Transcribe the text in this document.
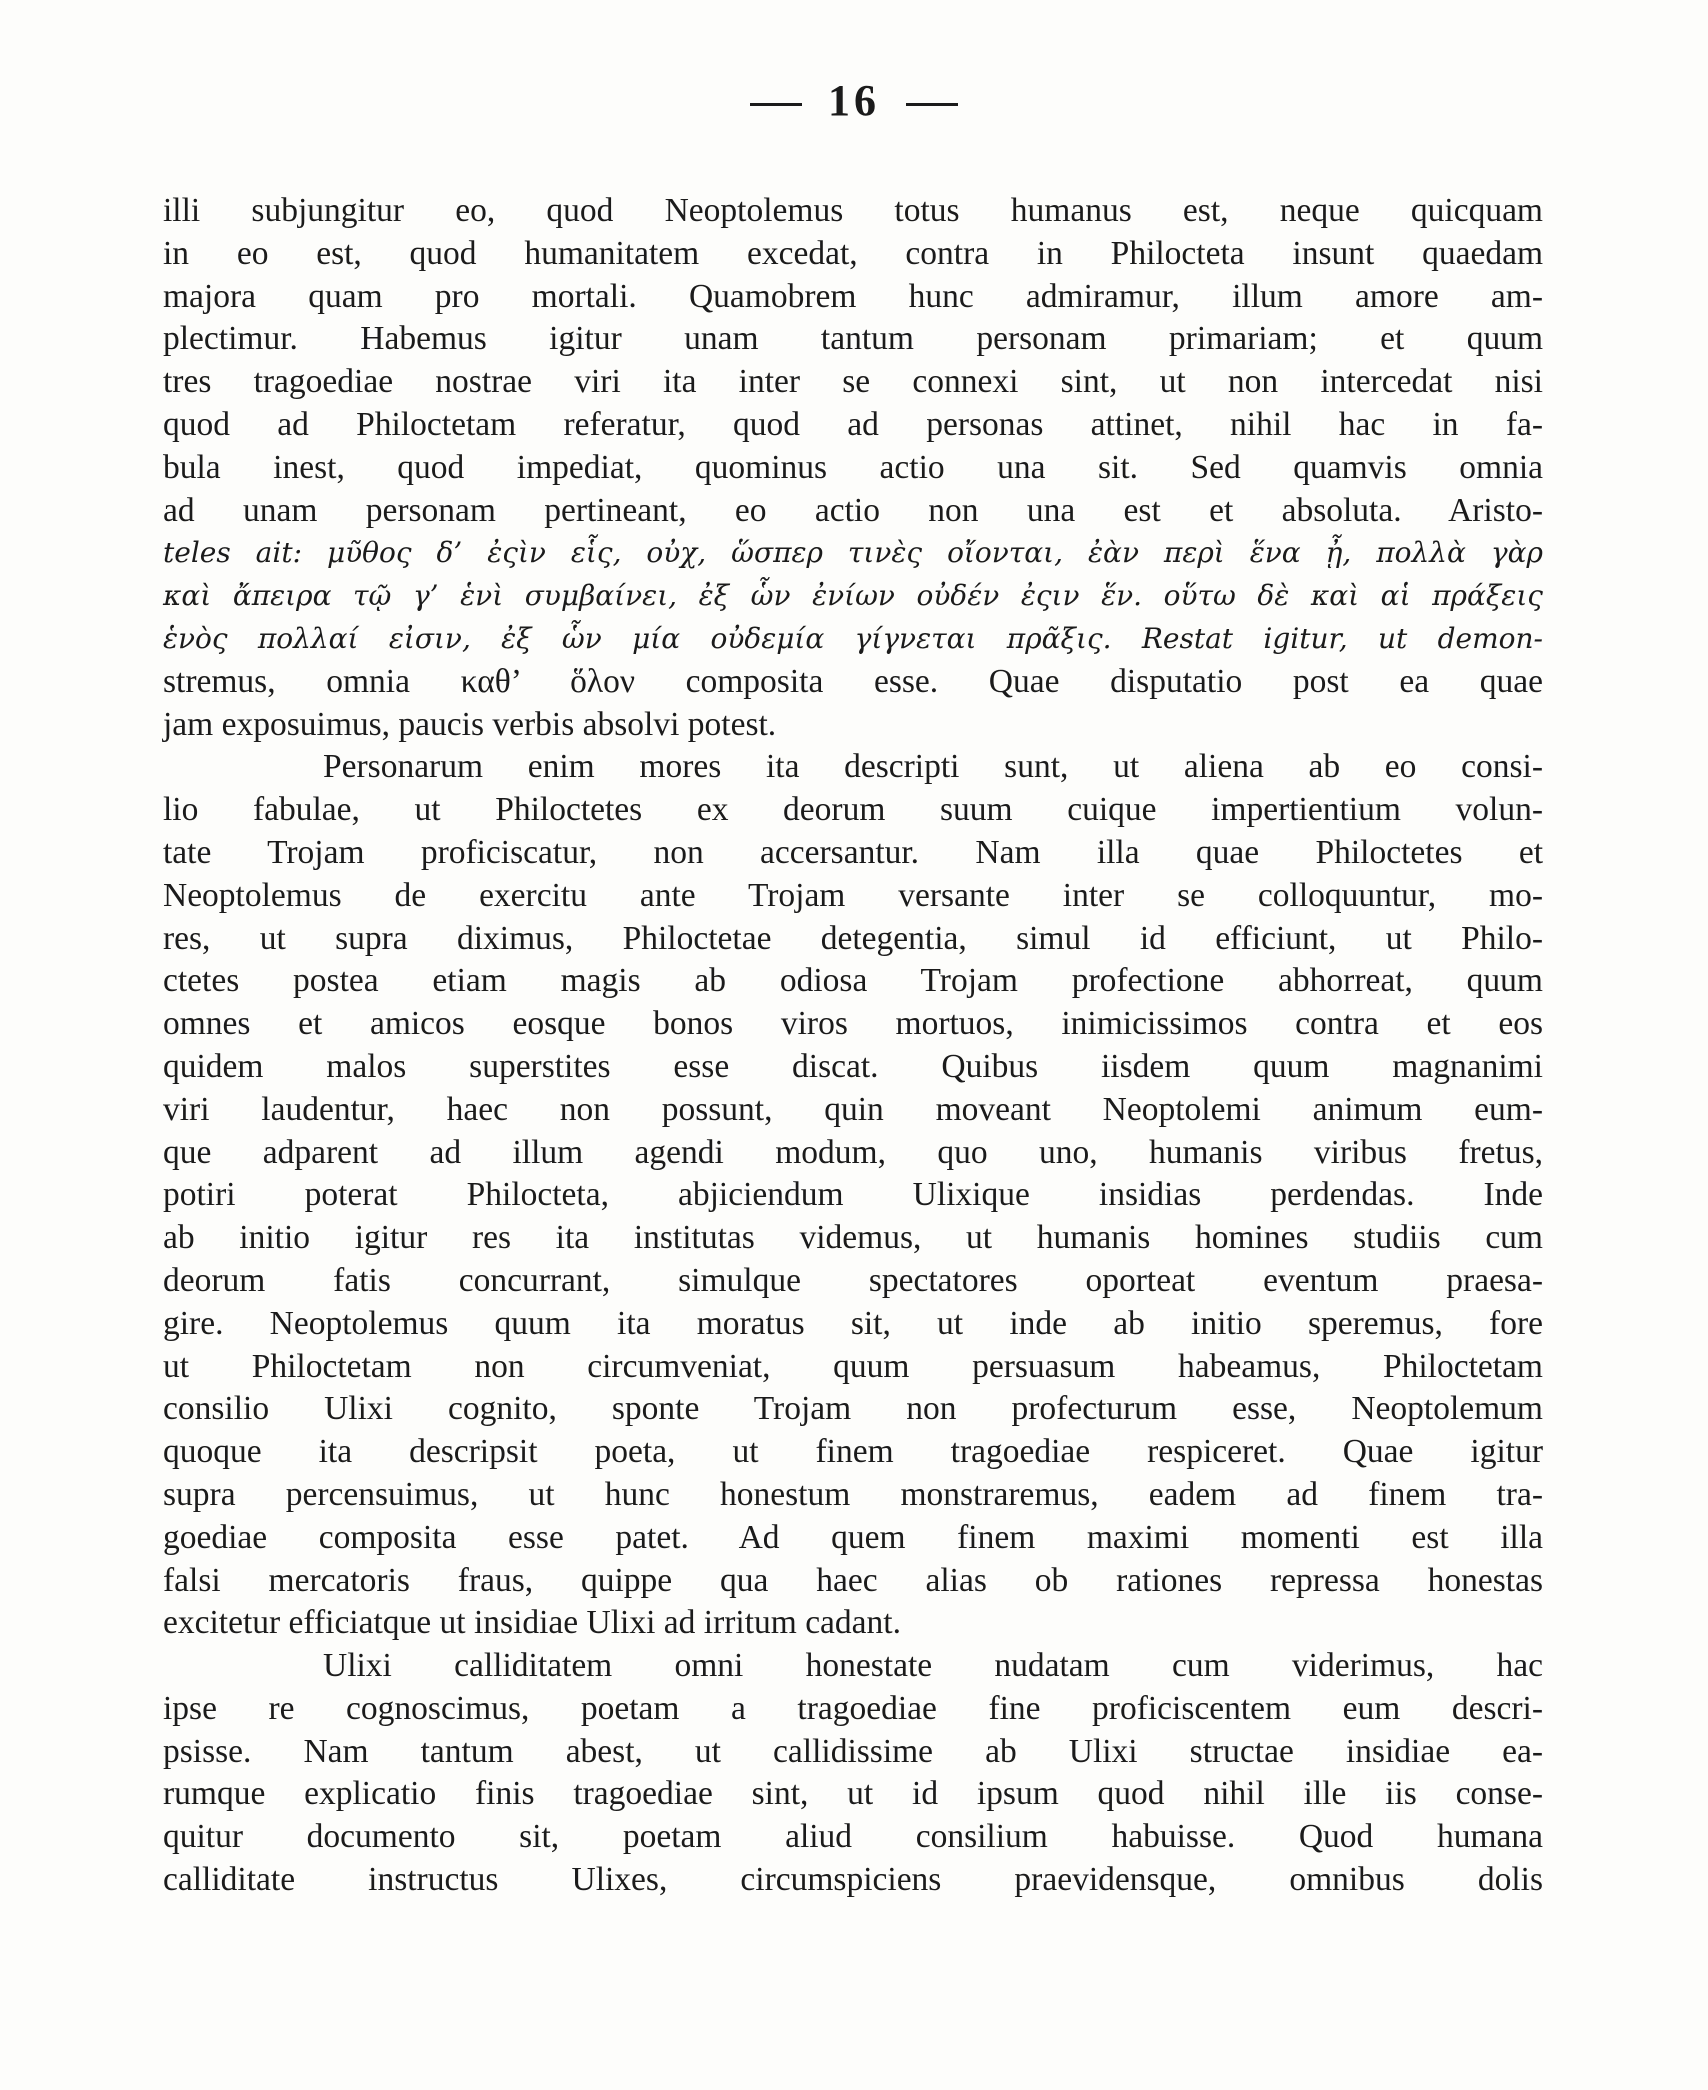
16
illi subjungitur eo, quod Neoptolemus totus humanus est, neque quicquam
in eo est, quod humanitatem excedat, contra in Philocteta insunt quaedam
majora quam pro mortali. Quamobrem hunc admiramur, illum amore am-
plectimur. Habemus igitur unam tantum personam primariam; et quum
tres tragoediae nostrae viri ita inter se connexi sint, ut non intercedat nisi
quod ad Philoctetam referatur, quod ad personas attinet, nihil hac in fa-
bula inest, quod impediat, quominus actio una sit. Sed quamvis omnia
ad unam personam pertineant, eo actio non una est et absoluta. Aristo-
teles ait: μῦθος δ’ ἐςὶν εἷς, οὐχ, ὥσπερ τινὲς οἴονται, ἐὰν περὶ ἕνα ᾖ, πολλὰ γὰρ
καὶ ἄπειρα τῷ γ’ ἑνὶ συμβαίνει, ἐξ ὧν ἐνίων οὐδέν ἐςιν ἕν. οὕτω δὲ καὶ αἱ πράξεις
ἑνὸς πολλαί εἰσιν, ἐξ ὧν μία οὐδεμία γίγνεται πρᾶξις. Restat igitur, ut demon-
stremus, omnia καθ’ ὅλον composita esse. Quae disputatio post ea quae
jam exposuimus, paucis verbis absolvi potest.
Personarum enim mores ita descripti sunt, ut aliena ab eo consi-
lio fabulae, ut Philoctetes ex deorum suum cuique impertientium volun-
tate Trojam proficiscatur, non accersantur. Nam illa quae Philoctetes et
Neoptolemus de exercitu ante Trojam versante inter se colloquuntur, mo-
res, ut supra diximus, Philoctetae detegentia, simul id efficiunt, ut Philo-
ctetes postea etiam magis ab odiosa Trojam profectione abhorreat, quum
omnes et amicos eosque bonos viros mortuos, inimicissimos contra et eos
quidem malos superstites esse discat. Quibus iisdem quum magnanimi
viri laudentur, haec non possunt, quin moveant Neoptolemi animum eum-
que adparent ad illum agendi modum, quo uno, humanis viribus fretus,
potiri poterat Philocteta, abjiciendum Ulixique insidias perdendas. Inde
ab initio igitur res ita institutas videmus, ut humanis homines studiis cum
deorum fatis concurrant, simulque spectatores oporteat eventum praesa-
gire. Neoptolemus quum ita moratus sit, ut inde ab initio speremus, fore
ut Philoctetam non circumveniat, quum persuasum habeamus, Philoctetam
consilio Ulixi cognito, sponte Trojam non profecturum esse, Neoptolemum
quoque ita descripsit poeta, ut finem tragoediae respiceret. Quae igitur
supra percensuimus, ut hunc honestum monstraremus, eadem ad finem tra-
goediae composita esse patet. Ad quem finem maximi momenti est illa
falsi mercatoris fraus, quippe qua haec alias ob rationes repressa honestas
excitetur efficiatque ut insidiae Ulixi ad irritum cadant.
Ulixi calliditatem omni honestate nudatam cum viderimus, hac
ipse re cognoscimus, poetam a tragoediae fine proficiscentem eum descri-
psisse. Nam tantum abest, ut callidissime ab Ulixi structae insidiae ea-
rumque explicatio finis tragoediae sint, ut id ipsum quod nihil ille iis conse-
quitur documento sit, poetam aliud consilium habuisse. Quod humana
calliditate instructus Ulixes, circumspiciens praevidensque, omnibus dolis
